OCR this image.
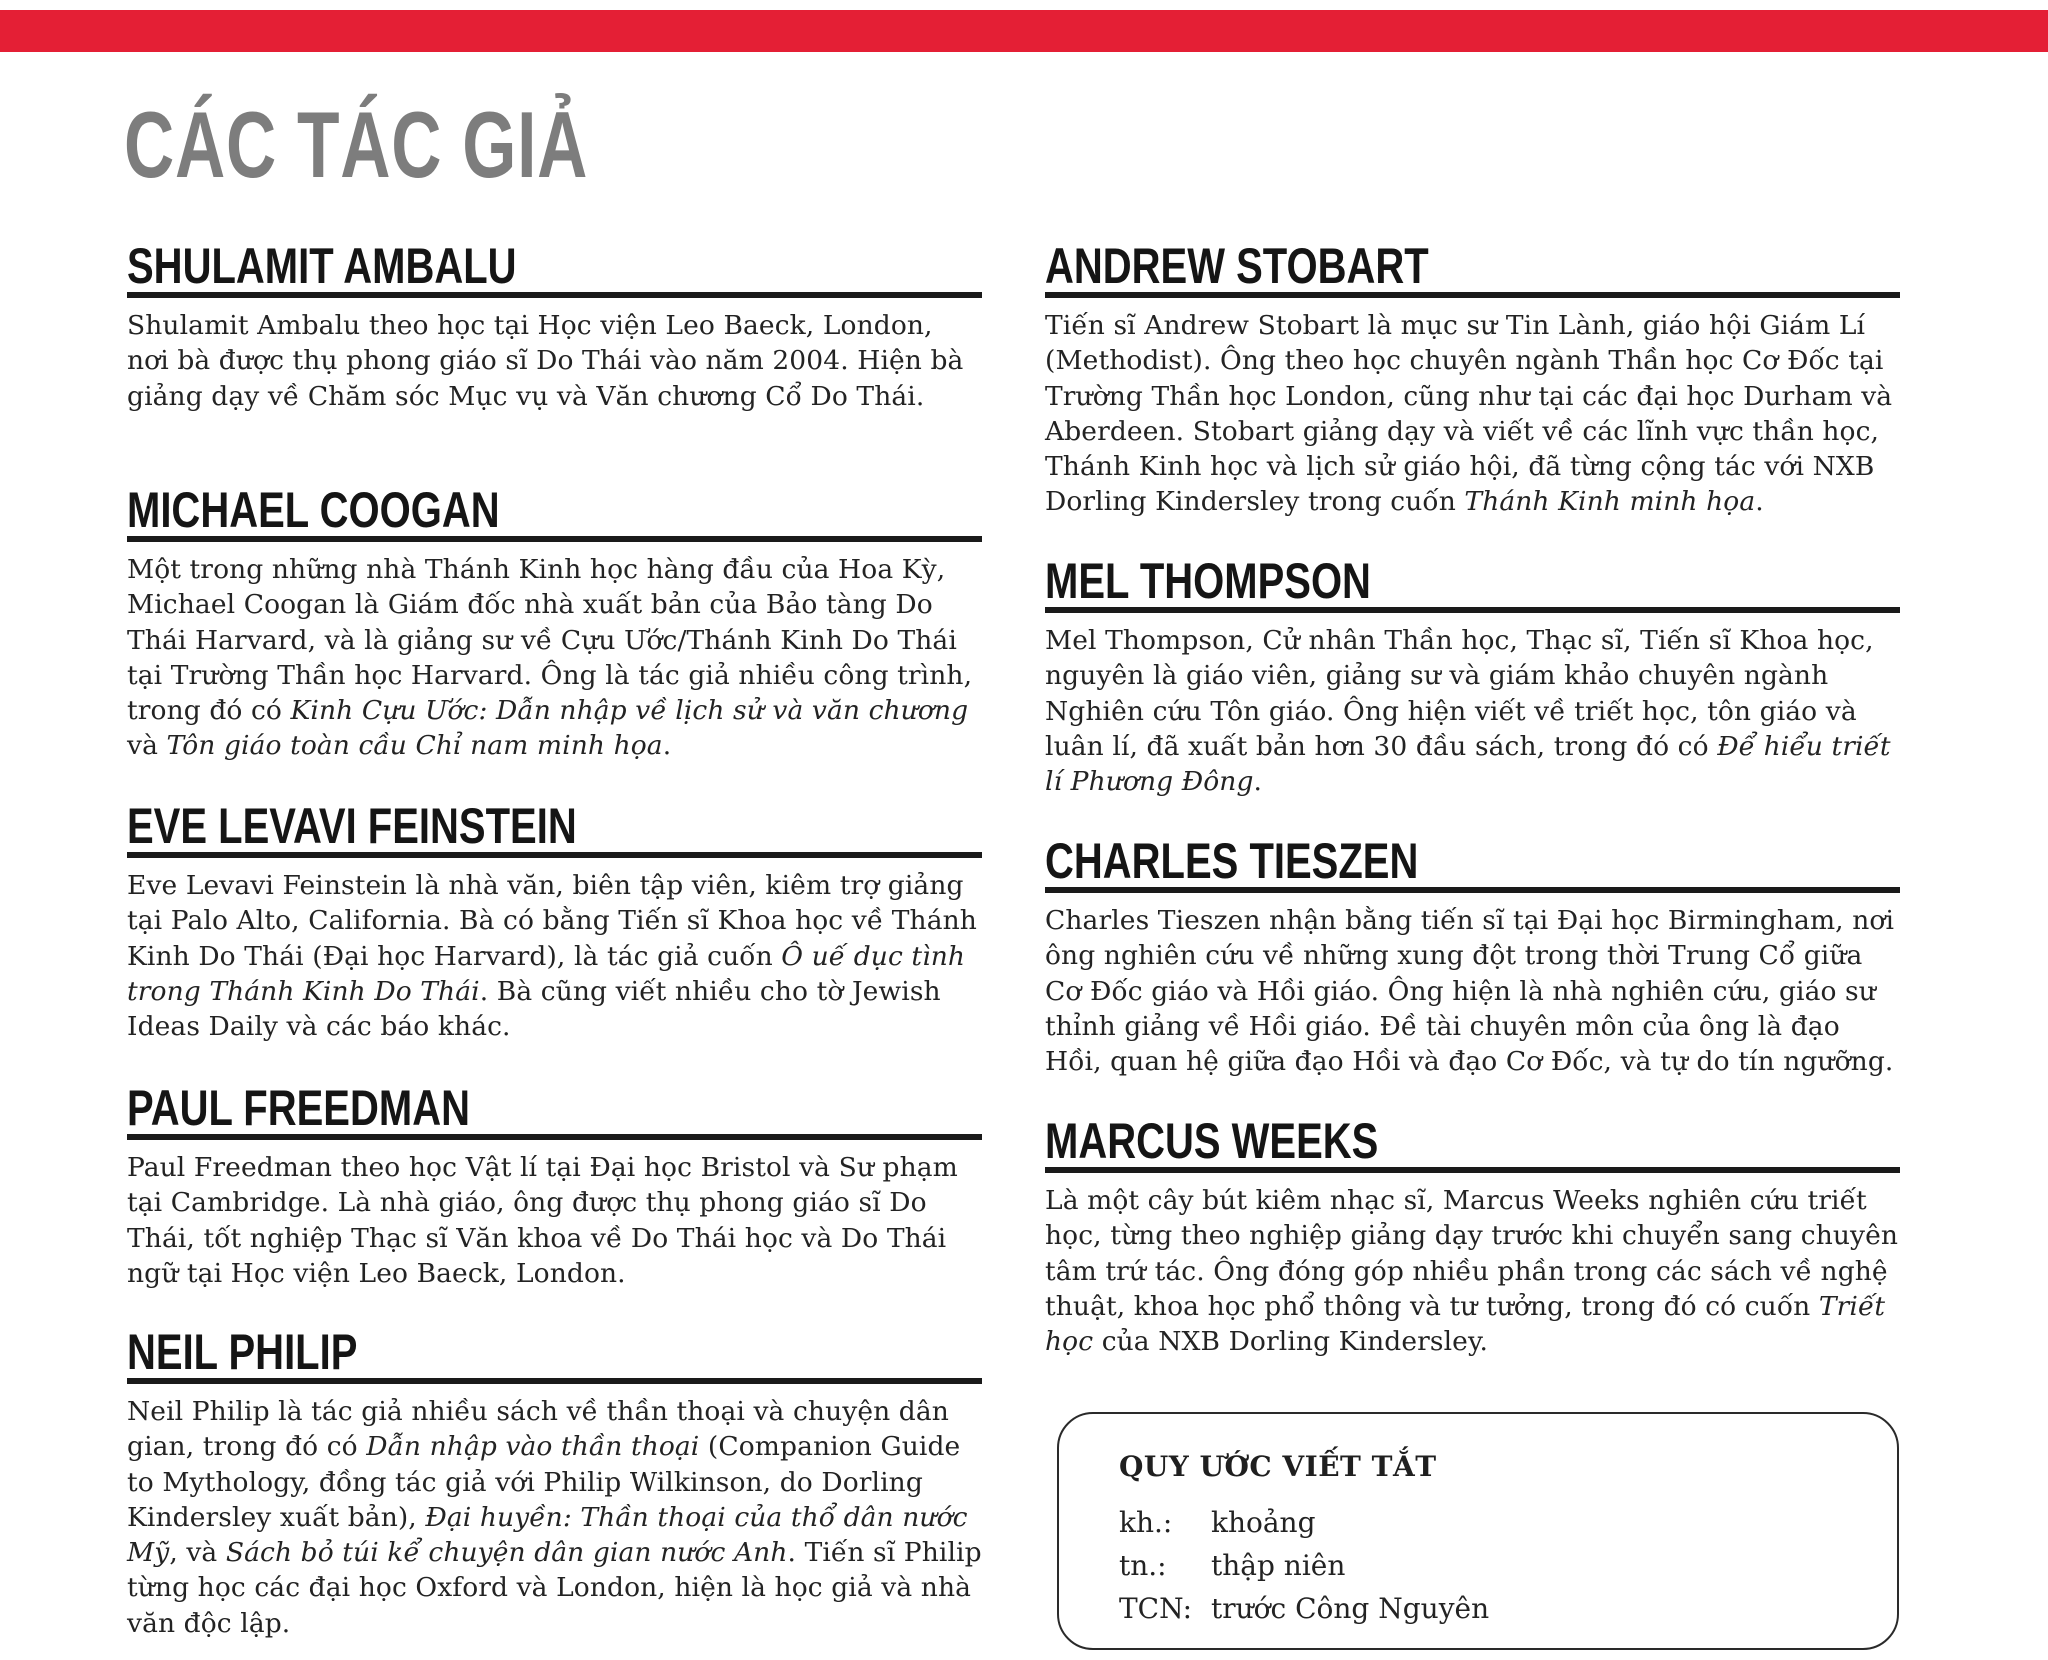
CÁC TÁC GIẢ
SHULAMIT AMBALU

Shulamit Ambalu theo học tại Học viện Leo Baeck, London, nơi bà được thụ phong giáo sĩ Do Thái vào năm 2004. Hiện bà giảng dạy về Chăm sóc Mục vụ và Văn chương Cổ Do Thái.

MICHAEL COOGAN

Một trong những nhà Thánh Kinh học hàng đầu của Hoa Kỳ, Michael Coogan là Giám đốc nhà xuất bản của Bảo tàng Do Thái Harvard, và là giảng sư về Cựu Ước/Thánh Kinh Do Thái tại Trường Thần học Harvard. Ông là tác giả nhiều công trình, trong đó có Kinh Cựu Ước: Dẫn nhập về lịch sử và văn chương và Tôn giáo toàn cầu Chỉ nam minh họa.

EVE LEVAVI FEINSTEIN

Eve Levavi Feinstein là nhà văn, biên tập viên, kiêm trợ giảng tại Palo Alto, California. Bà có bằng Tiến sĩ Khoa học về Thánh Kinh Do Thái (Đại học Harvard), là tác giả cuốn Ô uế dục tình trong Thánh Kinh Do Thái. Bà cũng viết nhiều cho tờ Jewish Ideas Daily và các báo khác.

PAUL FREEDMAN

Paul Freedman theo học Vật lí tại Đại học Bristol và Sư phạm tại Cambridge. Là nhà giáo, ông được thụ phong giáo sĩ Do Thái, tốt nghiệp Thạc sĩ Văn khoa về Do Thái học và Do Thái ngữ tại Học viện Leo Baeck, London.

NEIL PHILIP

Neil Philip là tác giả nhiều sách về thần thoại và chuyện dân gian, trong đó có Dẫn nhập vào thần thoại (Companion Guide to Mythology, đồng tác giả với Philip Wilkinson, do Dorling Kindersley xuất bản), Đại huyền: Thần thoại của thổ dân nước Mỹ, và Sách bỏ túi kể chuyện dân gian nước Anh. Tiến sĩ Philip từng học các đại học Oxford và London, hiện là học giả và nhà văn độc lập.

ANDREW STOBART

Tiến sĩ Andrew Stobart là mục sư Tin Lành, giáo hội Giám Lí (Methodist). Ông theo học chuyên ngành Thần học Cơ Đốc tại Trường Thần học London, cũng như tại các đại học Durham và Aberdeen. Stobart giảng dạy và viết về các lĩnh vực thần học, Thánh Kinh học và lịch sử giáo hội, đã từng cộng tác với NXB Dorling Kindersley trong cuốn Thánh Kinh minh họa.

MEL THOMPSON

Mel Thompson, Cử nhân Thần học, Thạc sĩ, Tiến sĩ Khoa học, nguyên là giáo viên, giảng sư và giám khảo chuyên ngành Nghiên cứu Tôn giáo. Ông hiện viết về triết học, tôn giáo và luân lí, đã xuất bản hơn 30 đầu sách, trong đó có Để hiểu triết lí Phương Đông.

CHARLES TIESZEN

Charles Tieszen nhận bằng tiến sĩ tại Đại học Birmingham, nơi ông nghiên cứu về những xung đột trong thời Trung Cổ giữa Cơ Đốc giáo và Hồi giáo. Ông hiện là nhà nghiên cứu, giáo sư thỉnh giảng về Hồi giáo. Đề tài chuyên môn của ông là đạo Hồi, quan hệ giữa đạo Hồi và đạo Cơ Đốc, và tự do tín ngưỡng.

MARCUS WEEKS

Là một cây bút kiêm nhạc sĩ, Marcus Weeks nghiên cứu triết học, từng theo nghiệp giảng dạy trước khi chuyển sang chuyên tâm trứ tác. Ông đóng góp nhiều phần trong các sách về nghệ thuật, khoa học phổ thông và tư tưởng, trong đó có cuốn Triết học của NXB Dorling Kindersley.

QUY ƯỚC VIẾT TẮT
kh.: khoảng
tn.: thập niên
TCN: trước Công Nguyên
